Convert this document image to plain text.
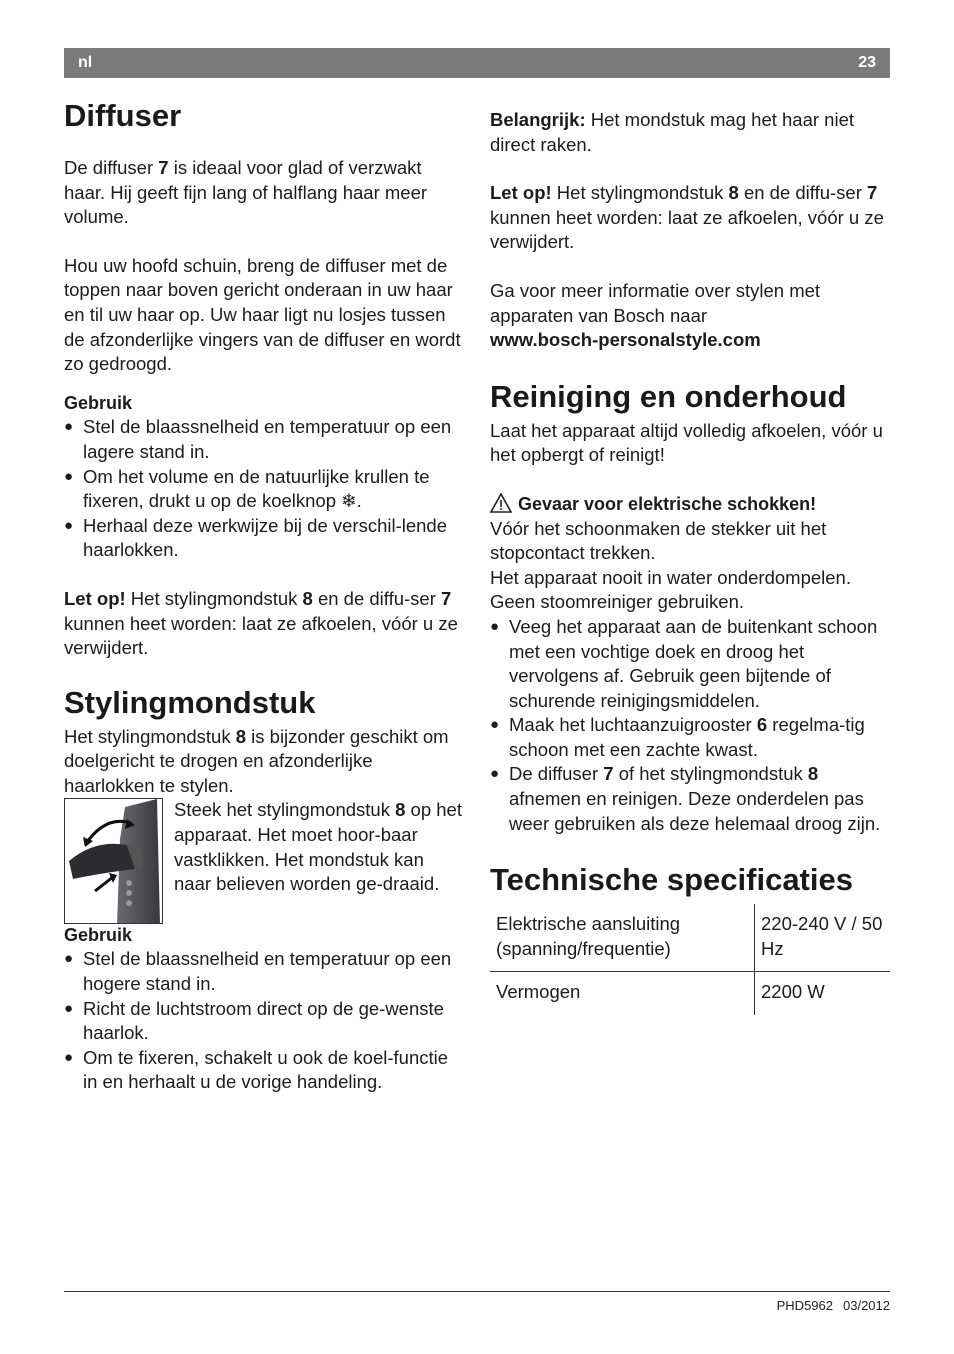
nl	23
Diffuser

De diffuser 7 is ideaal voor glad of verzwakt haar. Hij geeft fijn lang of halflang haar meer volume.

Hou uw hoofd schuin, breng de diffuser met de toppen naar boven gericht onderaan in uw haar en til uw haar op. Uw haar ligt nu losjes tussen de afzonderlijke vingers van de diffuser en wordt zo gedroogd.

Gebruik
● Stel de blaassnelheid en temperatuur op een lagere stand in.
● Om het volume en de natuurlijke krullen te fixeren, drukt u op de koelknop ❄.
● Herhaal deze werkwijze bij de verschil-lende haarlokken.

Let op! Het stylingmondstuk 8 en de diffu-ser 7 kunnen heet worden: laat ze afkoelen, vóór u ze verwijdert.

Stylingmondstuk

Het stylingmondstuk 8 is bijzonder geschikt om doelgericht te drogen en afzonderlijke haarlokken te stylen.

Steek het stylingmondstuk 8 op het apparaat. Het moet hoor-baar vastklikken. Het mondstuk kan naar believen worden ge-draaid.

Gebruik
● Stel de blaassnelheid en temperatuur op een hogere stand in.
● Richt de luchtstroom direct op de ge-wenste haarlok.
● Om te fixeren, schakelt u ook de koel-functie in en herhaalt u de vorige handeling.

Belangrijk: Het mondstuk mag het haar niet direct raken.

Let op! Het stylingmondstuk 8 en de diffu-ser 7 kunnen heet worden: laat ze afkoelen, vóór u ze verwijdert.

Ga voor meer informatie over stylen met apparaten van Bosch naar

www.bosch-personalstyle.com

Reiniging en onderhoud

Laat het apparaat altijd volledig afkoelen, vóór u het opbergt of reinigt!

Gevaar voor elektrische schokken!

Vóór het schoonmaken de stekker uit het stopcontact trekken.

Het apparaat nooit in water onderdompelen. Geen stoomreiniger gebruiken.

● Veeg het apparaat aan de buitenkant schoon met een vochtige doek en droog het vervolgens af. Gebruik geen bijtende of schurende reinigingsmiddelen.
● Maak het luchtaanzuigrooster 6 regelma-tig schoon met een zachte kwast.
● De diffuser 7 of het stylingmondstuk 8 afnemen en reinigen. Deze onderdelen pas weer gebruiken als deze helemaal droog zijn.
Technische specificaties
Elektrische aansluiting (spanning/frequentie)	220-240 V / 50 Hz
Vermogen	2200 W
PHD5962 03/2012
